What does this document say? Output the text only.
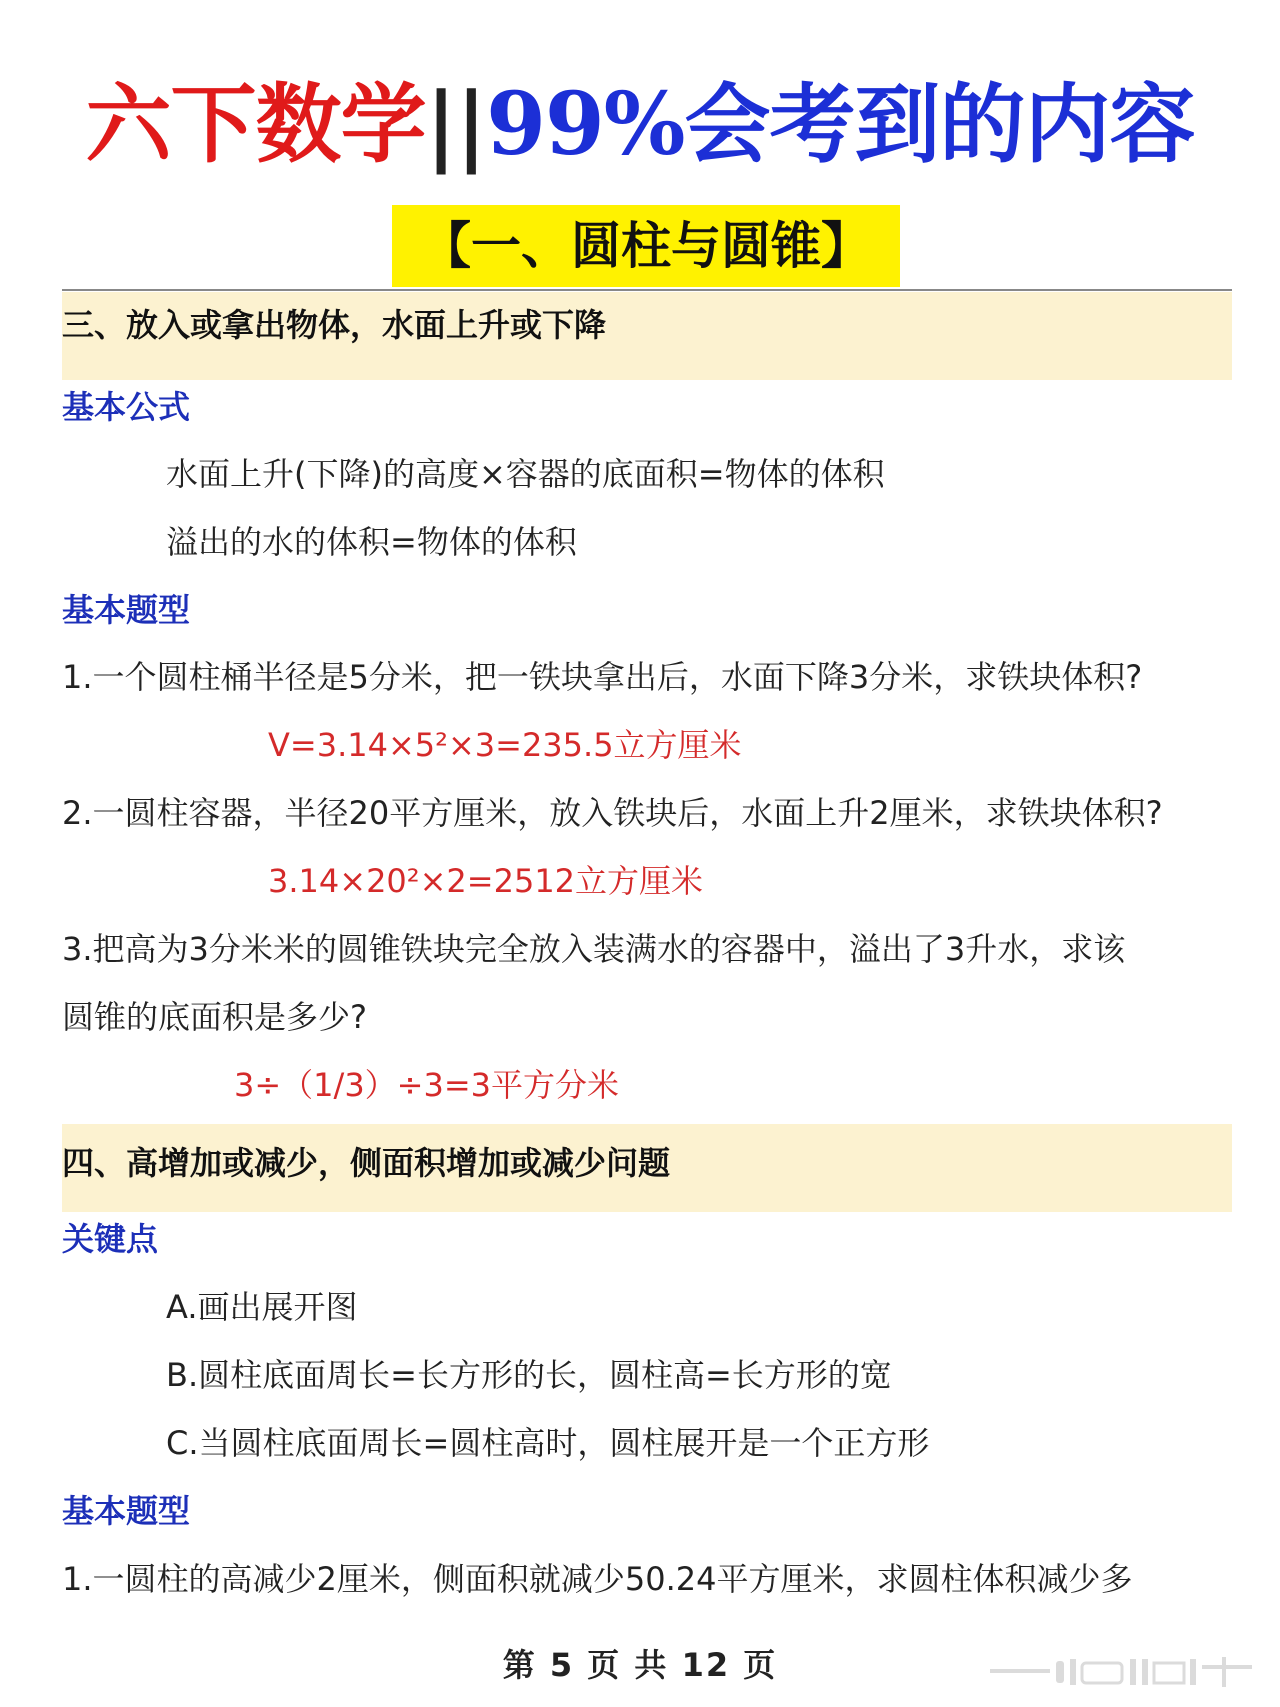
六下数学||99%会考到的内容
【一、圆柱与圆锥】
三、放入或拿出物体，水面上升或下降
基本公式
水面上升(下降)的高度×容器的底面积=物体的体积
溢出的水的体积=物体的体积
基本题型
1.一个圆柱桶半径是5分米，把一铁块拿出后，水面下降3分米，求铁块体积?
V=3.14×5²×3=235.5立方厘米
2.一圆柱容器，半径20平方厘米，放入铁块后，水面上升2厘米，求铁块体积?
3.14×20²×2=2512立方厘米
3.把高为3分米米的圆锥铁块完全放入装满水的容器中，溢出了3升水，求该
圆锥的底面积是多少?
3÷（1/3）÷3=3平方分米
四、高增加或减少，侧面积增加或减少问题
关键点
A.画出展开图
B.圆柱底面周长=长方形的长，圆柱高=长方形的宽
C.当圆柱底面周长=圆柱高时，圆柱展开是一个正方形
基本题型
1.一圆柱的高减少2厘米，侧面积就减少50.24平方厘米，求圆柱体积减少多
第 5 页 共 12 页
